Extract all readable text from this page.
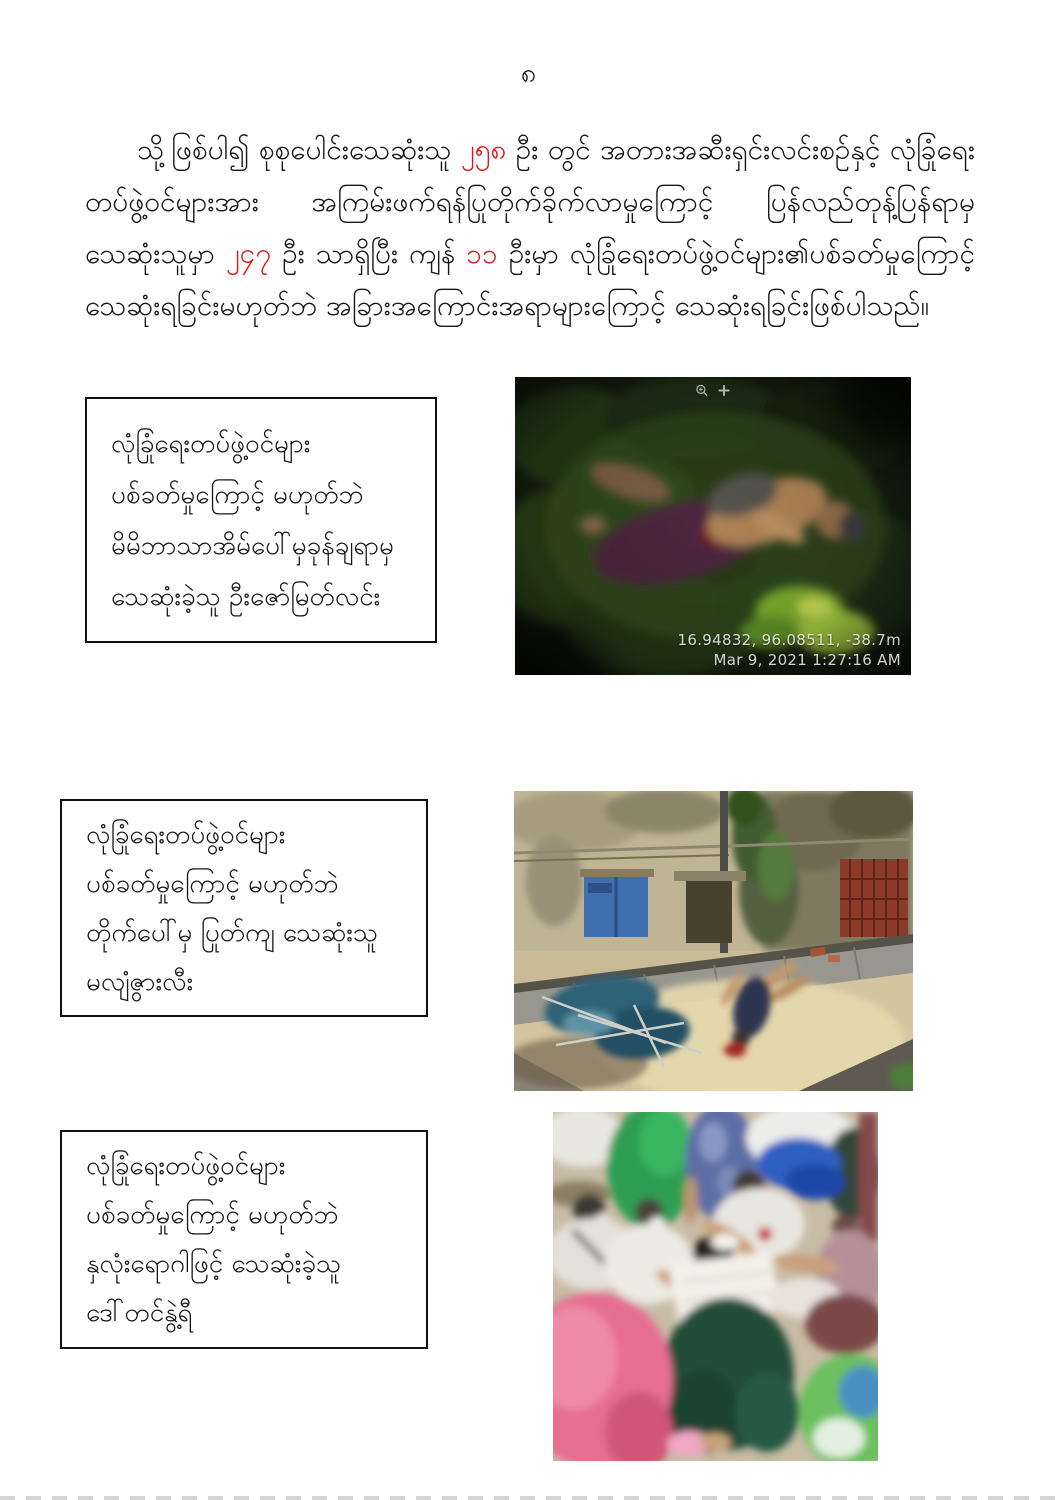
၈
သို့ဖြစ်ပါ၍ စုစုပေါင်းသေဆုံးသူ ၂၅၈ ဦး တွင် အတားအဆီးရှင်းလင်းစဉ်နှင့် လုံခြုံရေး
တပ်ဖွဲ့ဝင်များအား အကြမ်းဖက်ရန်ပြုတိုက်ခိုက်လာမှုကြောင့် ပြန်လည်တုန့်ပြန်ရာမှ
သေဆုံးသူမှာ ၂၄၇ ဦး သာရှိပြီး ကျန် ၁၁ ဦးမှာ လုံခြုံရေးတပ်ဖွဲ့ဝင်များ၏ပစ်ခတ်မှုကြောင့်
သေဆုံးရခြင်းမဟုတ်ဘဲ အခြားအကြောင်းအရာများကြောင့် သေဆုံးရခြင်းဖြစ်ပါသည်။
လုံခြုံရေးတပ်ဖွဲ့ဝင်များ
ပစ်ခတ်မှုကြောင့် မဟုတ်ဘဲ
မိမိဘာသာအိမ်ပေါ်မှခုန်ချရာမှ
သေဆုံးခဲ့သူ ဦးဇော်မြတ်လင်း
16.94832, 96.08511, -38.7m
Mar 9, 2021 1:27:16 AM
လုံခြုံရေးတပ်ဖွဲ့ဝင်များ
ပစ်ခတ်မှုကြောင့် မဟုတ်ဘဲ
တိုက်ပေါ်မှ ပြုတ်ကျ သေဆုံးသူ
မလျံဇွားလီး
လုံခြုံရေးတပ်ဖွဲ့ဝင်များ
ပစ်ခတ်မှုကြောင့် မဟုတ်ဘဲ
နှလုံးရောဂါဖြင့် သေဆုံးခဲ့သူ
ဒေါ်တင်နွဲ့ရီ
